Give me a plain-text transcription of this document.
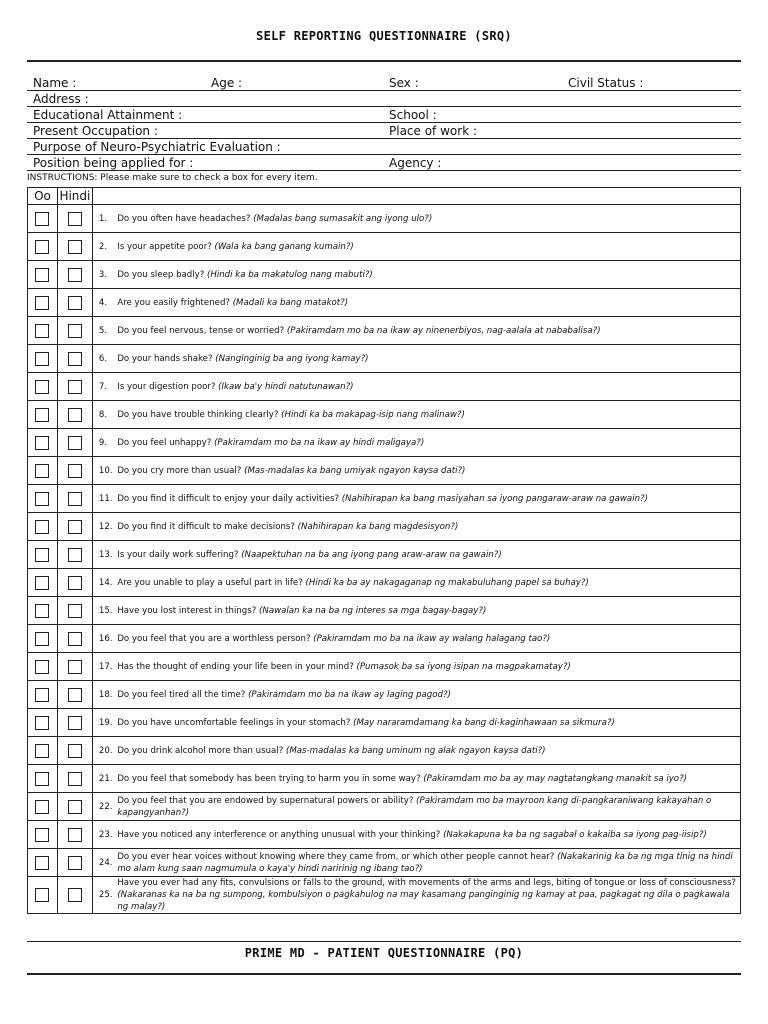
SELF REPORTING QUESTIONNAIRE (SRQ)
Name :	Age :	Sex :	Civil Status :
Address :
Educational Attainment :	School :
Present Occupation :	Place of work :
Purpose of Neuro-Psychiatric Evaluation :
Position being applied for :	Agency :
INSTRUCTIONS: Please make sure to check a box for every item.
Oo	Hindi		
		1.	Do you often have headaches? (Madalas bang sumasakit ang iyong ulo?)
		2.	Is your appetite poor? (Wala ka bang ganang kumain?)
		3.	Do you sleep badly? (Hindi ka ba makatulog nang mabuti?)
		4.	Are you easily frightened? (Madali ka bang matakot?)
		5.	Do you feel nervous, tense or worried? (Pakiramdam mo ba na ikaw ay ninenerbiyos, nag-aalala at nababalisa?)
		6.	Do your hands shake? (Nanginginig ba ang iyong kamay?)
		7.	Is your digestion poor? (Ikaw ba'y hindi natutunawan?)
		8.	Do you have trouble thinking clearly? (Hindi ka ba makapag-isip nang malinaw?)
		9.	Do you feel unhappy? (Pakiramdam mo ba na ikaw ay hindi maligaya?)
		10.	Do you cry more than usual? (Mas-madalas ka bang umiyak ngayon kaysa dati?)
		11.	Do you find it difficult to enjoy your daily activities? (Nahihirapan ka bang masiyahan sa iyong pangaraw-araw na gawain?)
		12.	Do you find it difficult to make decisions? (Nahihirapan ka bang magdesisyon?)
		13.	Is your daily work suffering? (Naapektuhan na ba ang iyong pang araw-araw na gawain?)
		14.	Are you unable to play a useful part in life? (Hindi ka ba ay nakagaganap ng makabuluhang papel sa buhay?)
		15.	Have you lost interest in things? (Nawalan ka na ba ng interes sa mga bagay-bagay?)
		16.	Do you feel that you are a worthless person? (Pakiramdam mo ba na ikaw ay walang halagang tao?)
		17.	Has the thought of ending your life been in your mind? (Pumasok ba sa iyong isipan na magpakamatay?)
		18.	Do you feel tired all the time? (Pakiramdam mo ba na ikaw ay laging pagod?)
		19.	Do you have uncomfortable feelings in your stomach? (May nararamdamang ka bang di-kaginhawaan sa sikmura?)
		20.	Do you drink alcohol more than usual? (Mas-madalas ka bang uminum ng alak ngayon kaysa dati?)
		21.	Do you feel that somebody has been trying to harm you in some way? (Pakiramdam mo ba ay may nagtatangkang manakit sa iyo?)
		22.	Do you feel that you are endowed by supernatural powers or ability? (Pakiramdam mo ba mayroon kang di-pangkaraniwang kakayahan o kapangyanhan?)
		23.	Have you noticed any interference or anything unusual with your thinking? (Nakakapuna ka ba ng sagabal o kakaiba sa iyong pag-iisip?)
		24.	Do you ever hear voices without knowing where they came from, or which other people cannot hear? (Nakakarinig ka ba ng mga tinig na hindi mo alam kung saan nagmumula o kaya'y hindi naririnig ng ibang tao?)
		25.	Have you ever had any fits, convulsions or falls to the ground, with movements of the arms and legs, biting of tongue or loss of consciousness? (Nakaranas ka na ba ng sumpong, kombulsiyon o pagkahulog na may kasamang panginginig ng kamay at paa, pagkagat ng dila o pagkawala ng malay?)
PRIME MD - PATIENT QUESTIONNAIRE (PQ)
